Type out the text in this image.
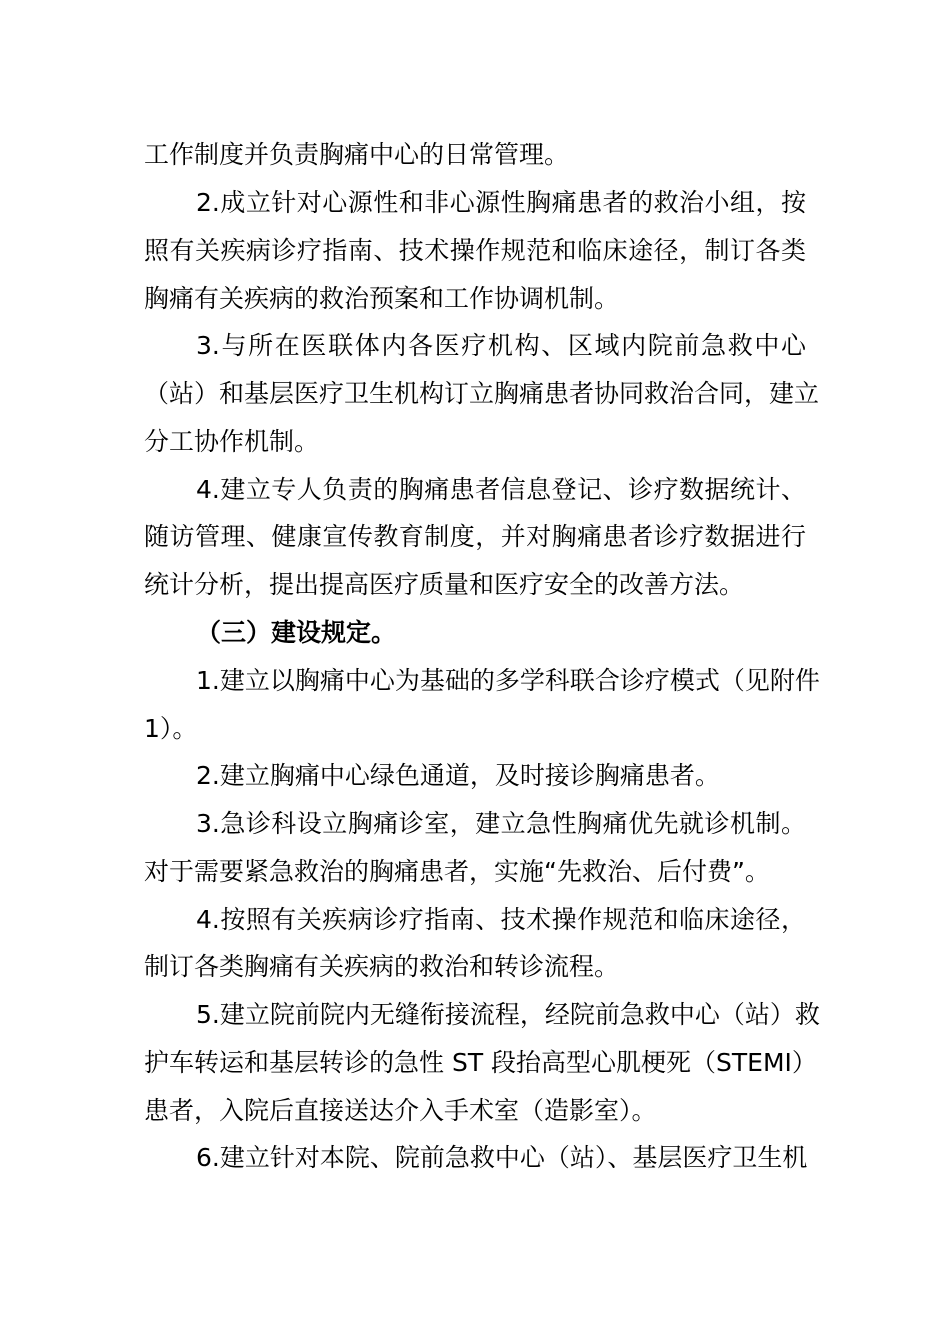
工作制度并负责胸痛中心的日常管理。
2.成立针对心源性和非心源性胸痛患者的救治小组，按
照有关疾病诊疗指南、技术操作规范和临床途径，制订各类
胸痛有关疾病的救治预案和工作协调机制。
3.与所在医联体内各医疗机构、区域内院前急救中心
（站）和基层医疗卫生机构订立胸痛患者协同救治合同，建立
分工协作机制。
4.建立专人负责的胸痛患者信息登记、诊疗数据统计、
随访管理、健康宣传教育制度，并对胸痛患者诊疗数据进行
统计分析，提出提高医疗质量和医疗安全的改善方法。
（三）建设规定。
1.建立以胸痛中心为基础的多学科联合诊疗模式（见附件
1）。
2.建立胸痛中心绿色通道，及时接诊胸痛患者。
3.急诊科设立胸痛诊室，建立急性胸痛优先就诊机制。
对于需要紧急救治的胸痛患者，实施“先救治、后付费”。
4.按照有关疾病诊疗指南、技术操作规范和临床途径，
制订各类胸痛有关疾病的救治和转诊流程。
5.建立院前院内无缝衔接流程，经院前急救中心（站）救
护车转运和基层转诊的急性 ST 段抬高型心肌梗死（STEMI）
患者，入院后直接送达介入手术室（造影室）。
6.建立针对本院、院前急救中心（站）、基层医疗卫生机
